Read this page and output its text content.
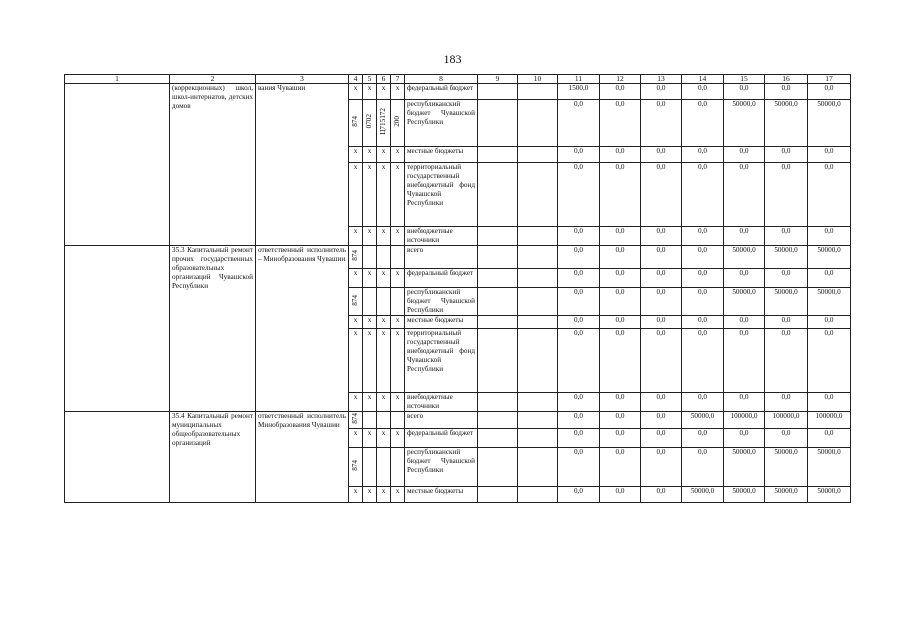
183
1	2	3	4	5	6	7	8	9	10	11	12	13	14	15	16	17
	(коррекционных) школ, школ-интернатов, детских домов	вания Чувашии	x	x	x	x	федеральный бюджет			1500,0	0,0	0,0	0,0	0,0	0,0	0,0
			874	0702	Ц715172	200	республиканский бюджет Чувашской Республики			0,0	0,0	0,0	0,0	50000,0	50000,0	50000,0
			x	x	x	x	местные бюджеты			0,0	0,0	0,0	0,0	0,0	0,0	0,0
			x	x	x	x	территориальный государственный внебюджетный фонд Чувашской Республики			0,0	0,0	0,0	0,0	0,0	0,0	0,0
			x	x	x	x	внебюджетные источники			0,0	0,0	0,0	0,0	0,0	0,0	0,0
	35.3 Капитальный ремонт прочих государственных образовательных организаций Чувашской Республики	ответственный исполнитель – Минобразования Чувашии	874				всего			0,0	0,0	0,0	0,0	50000,0	50000,0	50000,0
			x	x	x	x	федеральный бюджет			0,0	0,0	0,0	0,0	0,0	0,0	0,0
			874				республиканский бюджет Чувашской Республики			0,0	0,0	0,0	0,0	50000,0	50000,0	50000,0
			x	x	x	x	местные бюджеты			0,0	0,0	0,0	0,0	0,0	0,0	0,0
			x	x	x	x	территориальный государственный внебюджетный фонд Чувашской Республики			0,0	0,0	0,0	0,0	0,0	0,0	0,0
			x	x	x	x	внебюджетные источники			0,0	0,0	0,0	0,0	0,0	0,0	0,0
	35.4 Капитальный ремонт муниципальных общеобразовательных организаций	ответственный исполнитель Минобразования Чувашии	874				всего			0,0	0,0	0,0	50000,0	100000,0	100000,0	100000,0
			x	x	x	x	федеральный бюджет			0,0	0,0	0,0	0,0	0,0	0,0	0,0
			874				республиканский бюджет Чувашской Республики			0,0	0,0	0,0	0,0	50000,0	50000,0	50000,0
			x	x	x	x	местные бюджеты			0,0	0,0	0,0	50000,0	50000,0	50000,0	50000,0
